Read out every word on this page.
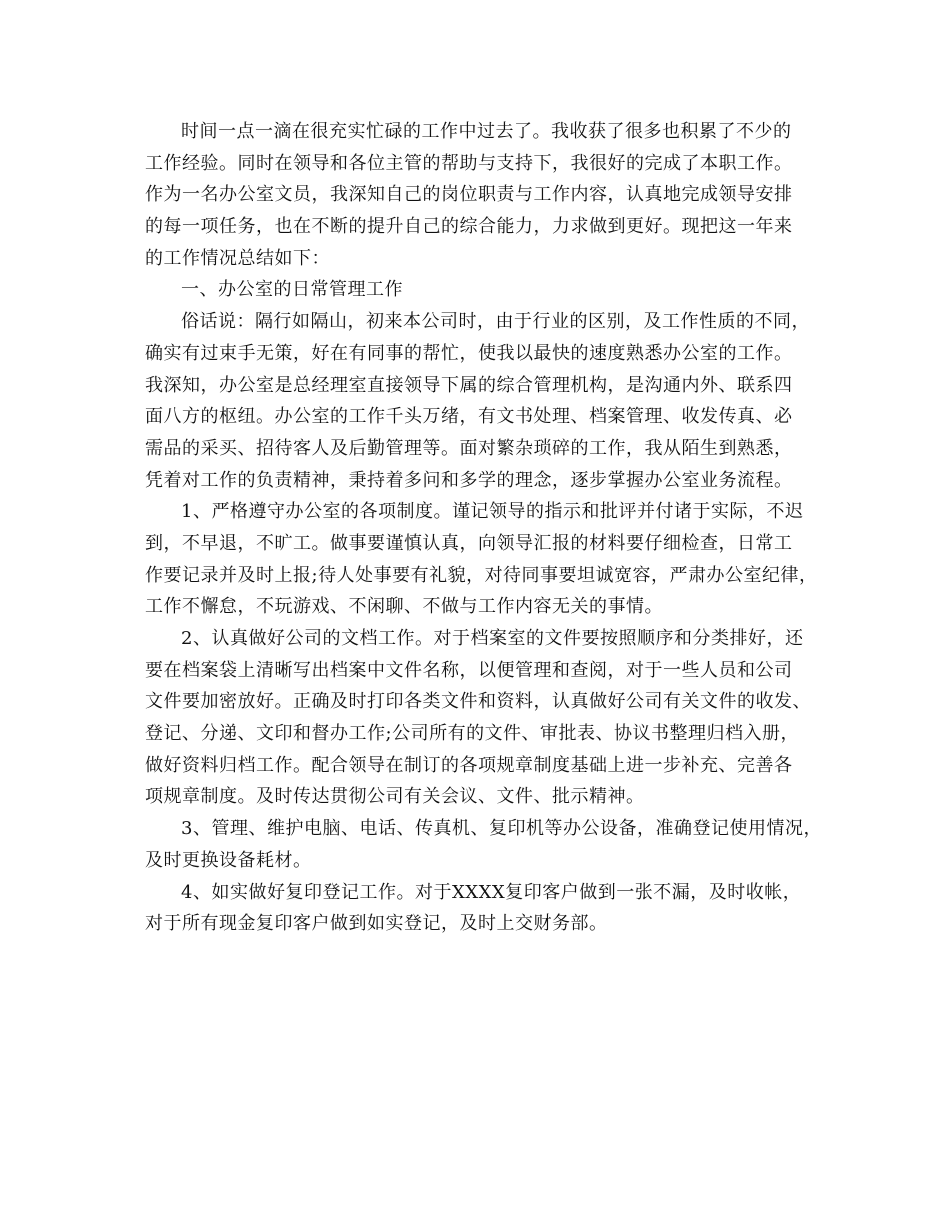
时间一点一滴在很充实忙碌的工作中过去了。我收获了很多也积累了不少的
工作经验。同时在领导和各位主管的帮助与支持下，我很好的完成了本职工作。
作为一名办公室文员，我深知自己的岗位职责与工作内容，认真地完成领导安排
的每一项任务，也在不断的提升自己的综合能力，力求做到更好。现把这一年来
的工作情况总结如下：
一、办公室的日常管理工作
俗话说：隔行如隔山，初来本公司时，由于行业的区别，及工作性质的不同，
确实有过束手无策，好在有同事的帮忙，使我以最快的速度熟悉办公室的工作。
我深知，办公室是总经理室直接领导下属的综合管理机构，是沟通内外、联系四
面八方的枢纽。办公室的工作千头万绪，有文书处理、档案管理、收发传真、必
需品的采买、招待客人及后勤管理等。面对繁杂琐碎的工作，我从陌生到熟悉，
凭着对工作的负责精神，秉持着多问和多学的理念，逐步掌握办公室业务流程。
1、严格遵守办公室的各项制度。谨记领导的指示和批评并付诸于实际，不迟
到，不早退，不旷工。做事要谨慎认真，向领导汇报的材料要仔细检查，日常工
作要记录并及时上报;待人处事要有礼貌，对待同事要坦诚宽容，严肃办公室纪律，
工作不懈怠，不玩游戏、不闲聊、不做与工作内容无关的事情。
2、认真做好公司的文档工作。对于档案室的文件要按照顺序和分类排好，还
要在档案袋上清晰写出档案中文件名称，以便管理和查阅，对于一些人员和公司
文件要加密放好。正确及时打印各类文件和资料，认真做好公司有关文件的收发、
登记、分递、文印和督办工作;公司所有的文件、审批表、协议书整理归档入册，
做好资料归档工作。配合领导在制订的各项规章制度基础上进一步补充、完善各
项规章制度。及时传达贯彻公司有关会议、文件、批示精神。
3、管理、维护电脑、电话、传真机、复印机等办公设备，准确登记使用情况，
及时更换设备耗材。
4、如实做好复印登记工作。对于XXXX复印客户做到一张不漏，及时收帐，
对于所有现金复印客户做到如实登记，及时上交财务部。
